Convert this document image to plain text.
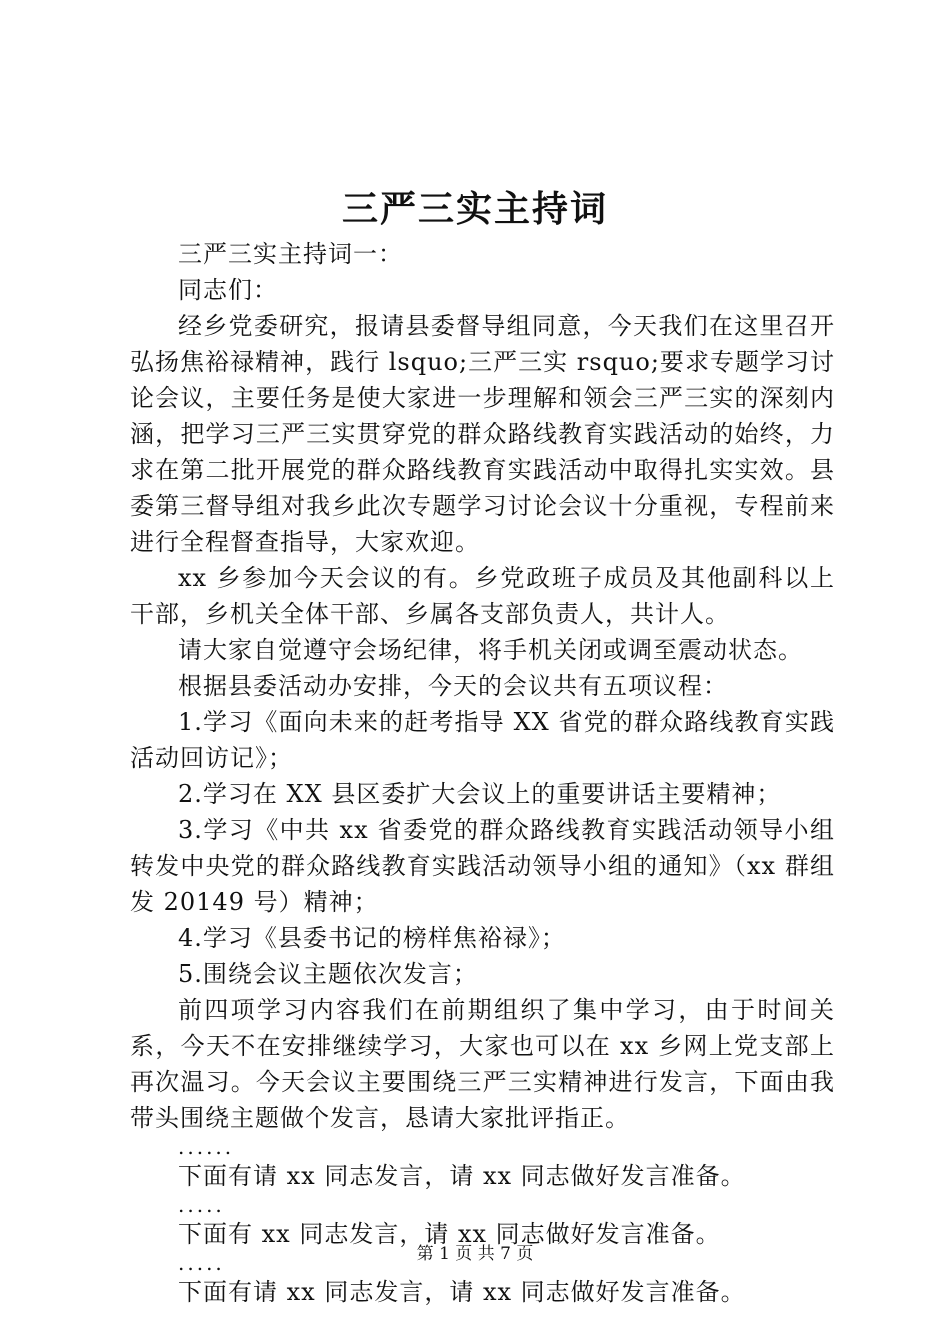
三严三实主持词

三严三实主持词一：

同志们：

经乡党委研究，报请县委督导组同意，今天我们在这里召开弘扬焦裕禄精神，践行 lsquo;三严三实 rsquo;要求专题学习讨论会议，主要任务是使大家进一步理解和领会三严三实的深刻内涵，把学习三严三实贯穿党的群众路线教育实践活动的始终，力求在第二批开展党的群众路线教育实践活动中取得扎实实效。县委第三督导组对我乡此次专题学习讨论会议十分重视，专程前来进行全程督查指导，大家欢迎。

xx 乡参加今天会议的有。乡党政班子成员及其他副科以上干部，乡机关全体干部、乡属各支部负责人，共计人。

请大家自觉遵守会场纪律，将手机关闭或调至震动状态。

根据县委活动办安排，今天的会议共有五项议程：

1.学习《面向未来的赶考指导 XX 省党的群众路线教育实践活动回访记》；

2.学习在 XX 县区委扩大会议上的重要讲话主要精神；

3.学习《中共 xx 省委党的群众路线教育实践活动领导小组转发中央党的群众路线教育实践活动领导小组的通知》（xx 群组发 20149 号）精神；

4.学习《县委书记的榜样焦裕禄》；

5.围绕会议主题依次发言；

前四项学习内容我们在前期组织了集中学习，由于时间关系，今天不在安排继续学习，大家也可以在 xx 乡网上党支部上再次温习。今天会议主要围绕三严三实精神进行发言，下面由我带头围绕主题做个发言，恳请大家批评指正。

......

下面有请 xx 同志发言，请 xx 同志做好发言准备。

.....

下面有 xx 同志发言，请 xx 同志做好发言准备。

.....

下面有请 xx 同志发言，请 xx 同志做好发言准备。

第 1 页 共 7 页
